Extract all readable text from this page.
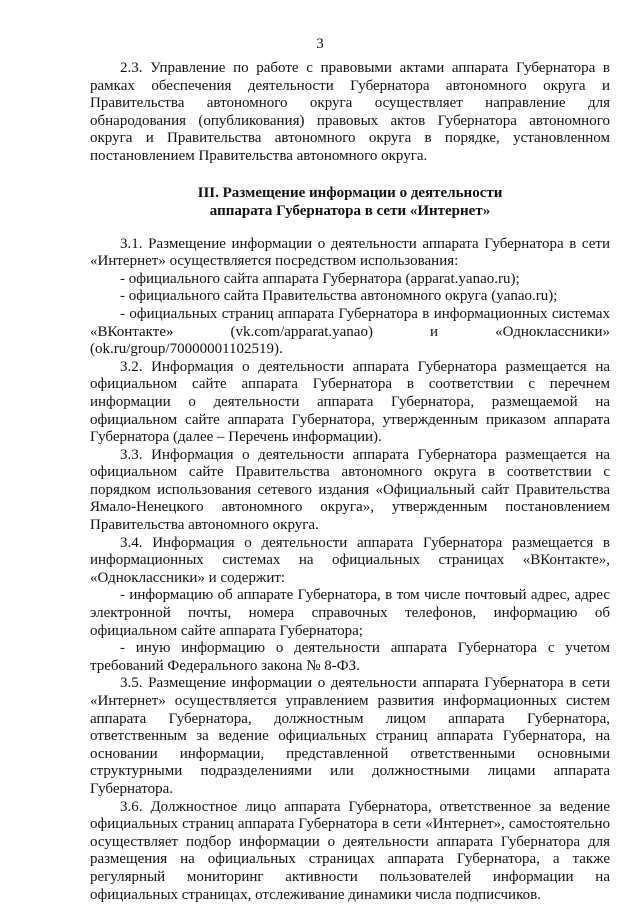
3

2.3. Управление по работе с правовыми актами аппарата Губернатора в рамках обеспечения деятельности Губернатора автономного округа и Правительства автономного округа осуществляет направление для обнародования (опубликования) правовых актов Губернатора автономного округа и Правительства автономного округа в порядке, установленном постановлением Правительства автономного округа.

III. Размещение информации о деятельности
аппарата Губернатора в сети «Интернет»

3.1. Размещение информации о деятельности аппарата Губернатора в сети «Интернет» осуществляется посредством использования:

- официального сайта аппарата Губернатора (apparat.yanao.ru);

- официального сайта Правительства автономного округа (yanao.ru);

- официальных страниц аппарата Губернатора в информационных системах «ВКонтакте» (vk.com/apparat.yanao) и «Одноклассники» (ok.ru/group/70000001102519).

3.2. Информация о деятельности аппарата Губернатора размещается на официальном сайте аппарата Губернатора в соответствии с перечнем информации о деятельности аппарата Губернатора, размещаемой на официальном сайте аппарата Губернатора, утвержденным приказом аппарата Губернатора (далее – Перечень информации).

3.3. Информация о деятельности аппарата Губернатора размещается на официальном сайте Правительства автономного округа в соответствии с порядком использования сетевого издания «Официальный сайт Правительства Ямало-Ненецкого автономного округа», утвержденным постановлением Правительства автономного округа.

3.4. Информация о деятельности аппарата Губернатора размещается в информационных системах на официальных страницах «ВКонтакте», «Одноклассники» и содержит:

- информацию об аппарате Губернатора, в том числе почтовый адрес, адрес электронной почты, номера справочных телефонов, информацию об официальном сайте аппарата Губернатора;

- иную информацию о деятельности аппарата Губернатора с учетом требований Федерального закона № 8-ФЗ.

3.5. Размещение информации о деятельности аппарата Губернатора в сети «Интернет» осуществляется управлением развития информационных систем аппарата Губернатора, должностным лицом аппарата Губернатора, ответственным за ведение официальных страниц аппарата Губернатора, на основании информации, представленной ответственными основными структурными подразделениями или должностными лицами аппарата Губернатора.

3.6. Должностное лицо аппарата Губернатора, ответственное за ведение официальных страниц аппарата Губернатора в сети «Интернет», самостоятельно осуществляет подбор информации о деятельности аппарата Губернатора для размещения на официальных страницах аппарата Губернатора, а также регулярный мониторинг активности пользователей информации на официальных страницах, отслеживание динамики числа подписчиков.
